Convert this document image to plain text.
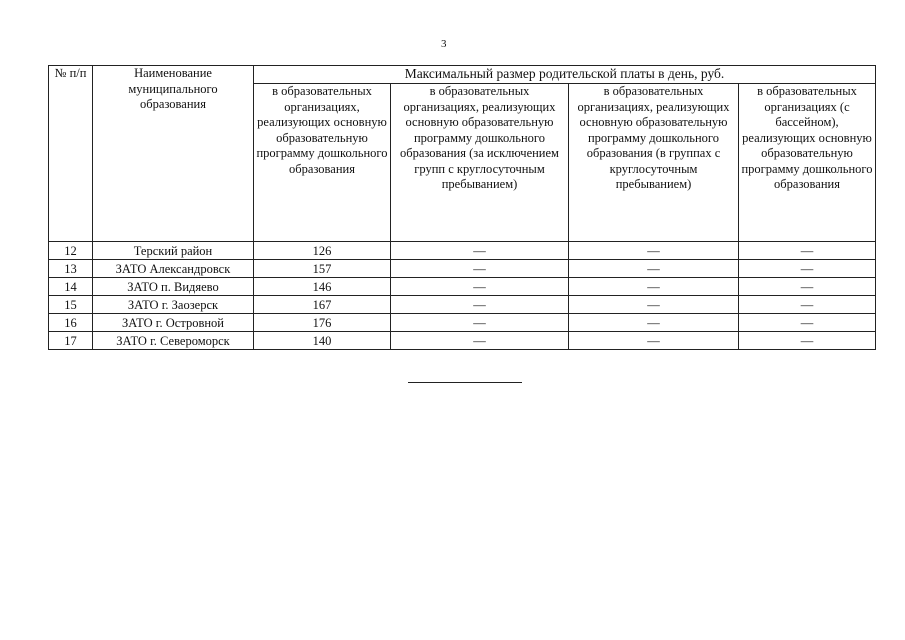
3
№ п/п	Наименование муниципального образования	Максимальный размер родительской платы в день, руб.			
		в образовательных организациях, реализующих основную образовательную программу дошкольного образования	в образовательных организациях, реализующих основную образовательную программу дошкольного образования (за исключением групп с круглосуточным пребыванием)	в образовательных организациях, реализующих основную образовательную программу дошкольного образования (в группах с круглосуточным пребыванием)	в образовательных организациях (с бассейном), реализующих основную образовательную программу дошкольного образования
12	Терский район	126	—	—	—
13	ЗАТО Александровск	157	—	—	—
14	ЗАТО п. Видяево	146	—	—	—
15	ЗАТО г. Заозерск	167	—	—	—
16	ЗАТО г. Островной	176	—	—	—
17	ЗАТО г. Североморск	140	—	—	—
